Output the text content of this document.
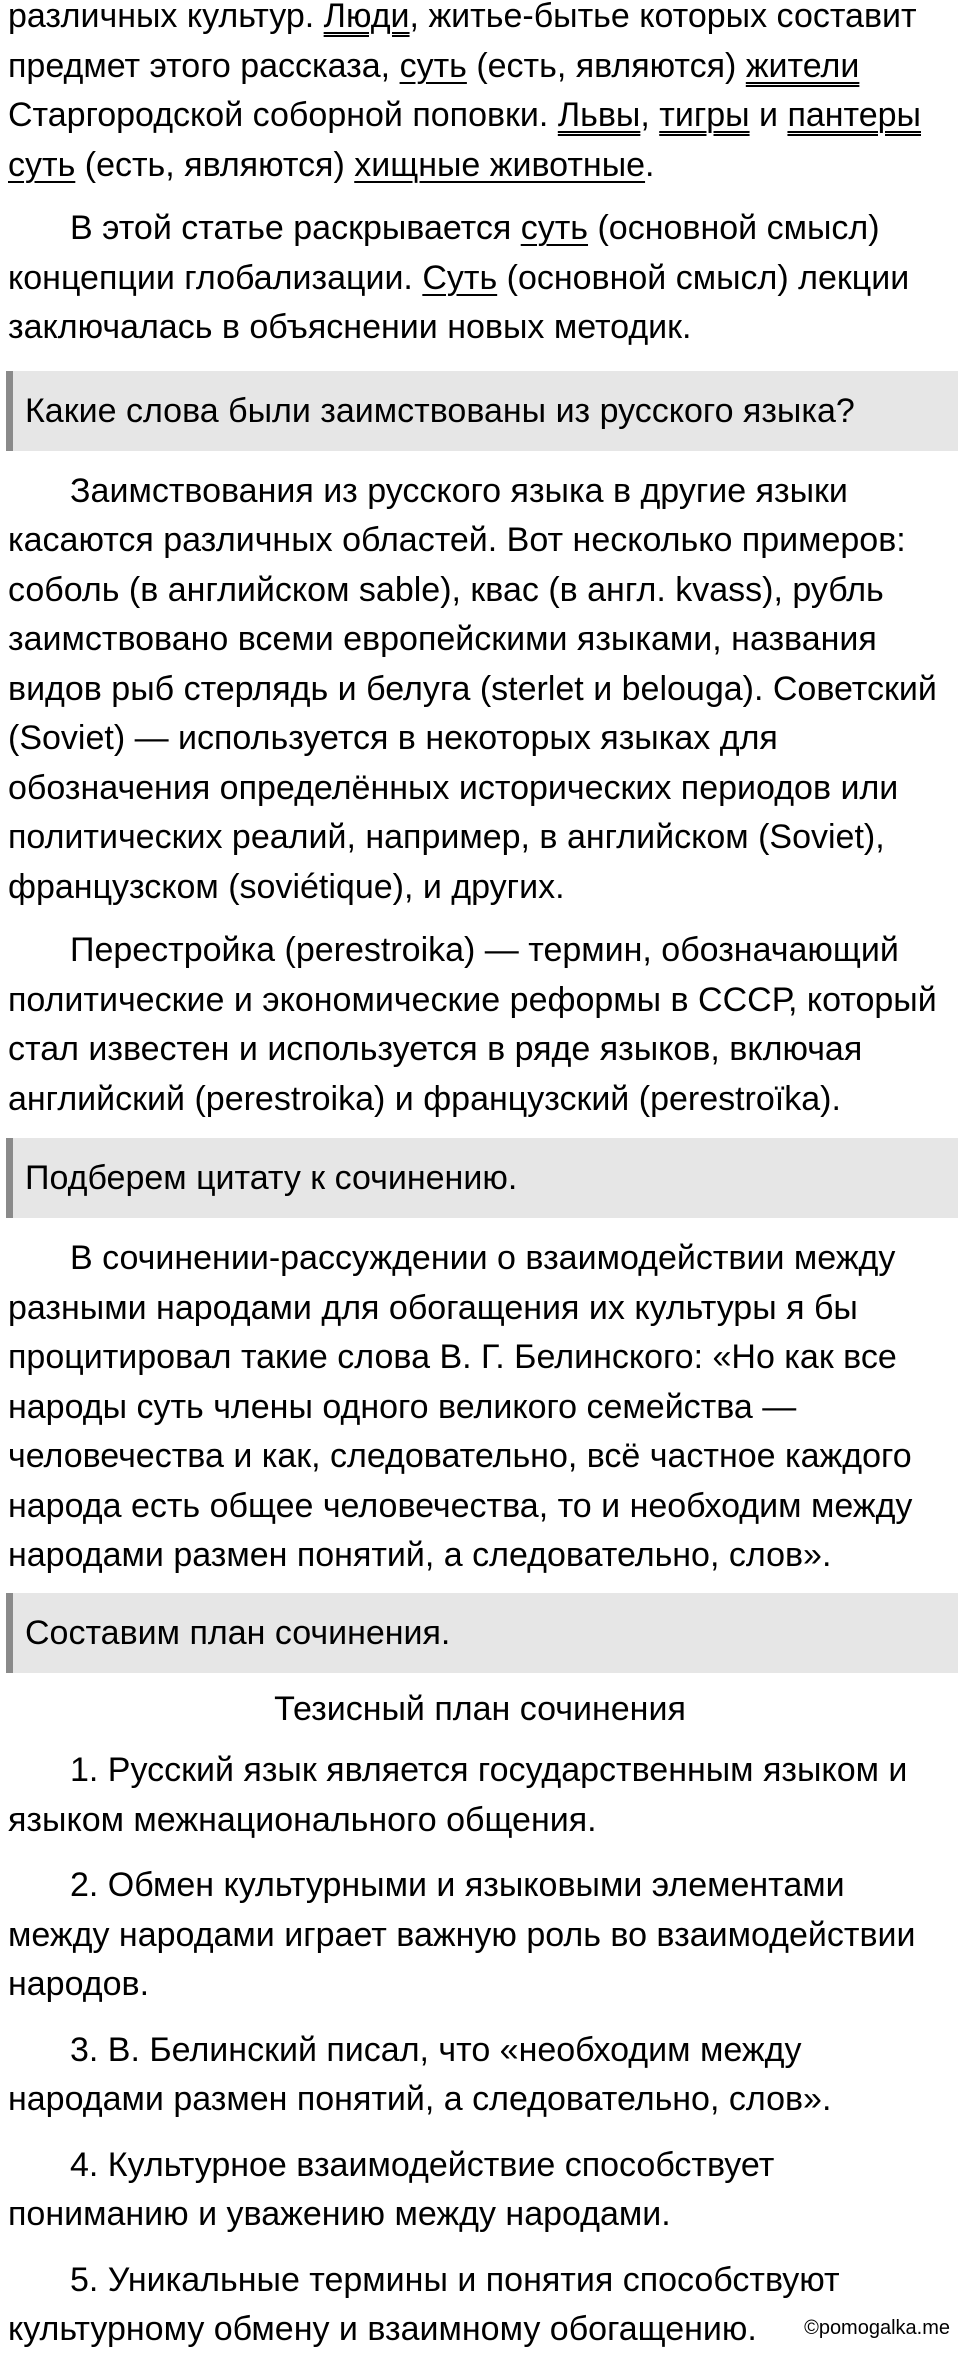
различных культур. Люди, житье-бытье которых составит

предмет этого рассказа, суть (есть, являются) жители

Старгородской соборной поповки. Львы, тигры и пантеры

суть (есть, являются) хищные животные.

В этой статье раскрывается суть (основной смысл) концепции глобализации. Суть (основной смысл) лекции заключалась в объяснении новых методик.

Какие слова были заимствованы из русского языка?

Заимствования из русского языка в другие языки касаются различных областей. Вот несколько примеров: соболь (в английском sable), квас (в англ. kvass), рубль заимствовано всеми европейскими языками, названия видов рыб стерлядь и белуга (sterlet и belouga). Советский (Soviet) — используется в некоторых языках для обозначения определённых исторических периодов или политических реалий, например, в английском (Soviet), французском (soviétique), и других.

Перестройка (perestroika) — термин, обозначающий политические и экономические реформы в СССР, который стал известен и используется в ряде языков, включая английский (perestroika) и французский (perestroïka).

Подберем цитату к сочинению.

В сочинении-рассуждении о взаимодействии между разными народами для обогащения их культуры я бы процитировал такие слова В. Г. Белинского: «Но как все народы суть члены одного великого семейства — человечества и как, следовательно, всё частное каждого народа есть общее человечества, то и необходим между народами размен понятий, а следовательно, слов».

Составим план сочинения.

Тезисный план сочинения

1. Русский язык является государственным языком и языком межнационального общения.

2. Обмен культурными и языковыми элементами между народами играет важную роль во взаимодействии народов.

3. В. Белинский писал, что «необходим между народами размен понятий, а следовательно, слов».

4. Культурное взаимодействие способствует пониманию и уважению между народами.

5. Уникальные термины и понятия способствуют культурному обмену и взаимному обогащению.	©pomogalka.me
